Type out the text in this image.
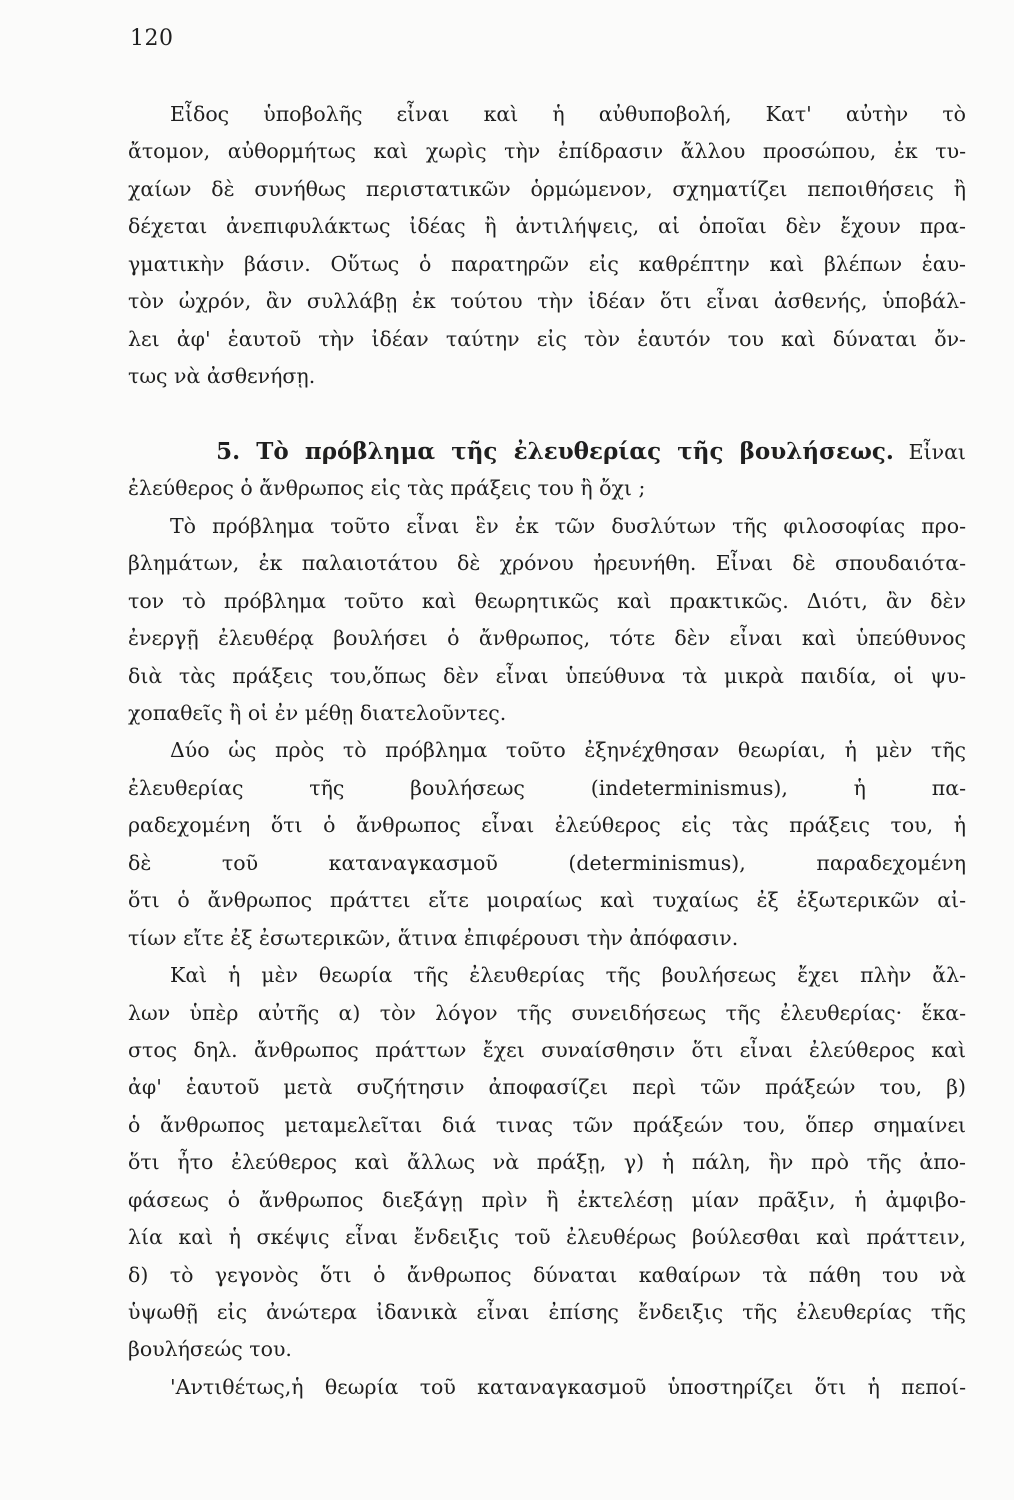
120
Εἶδος ὑποβολῆς εἶναι καὶ ἡ αὐθυποβολή, Κατ' αὐτὴν τὸ
ἄτομον, αὐθορμήτως καὶ χωρὶς τὴν ἐπίδρασιν ἄλλου προσώπου, ἐκ τυ-
χαίων δὲ συνήθως περιστατικῶν ὁρμώμενον, σχηματίζει πεποιθήσεις ἢ
δέχεται ἀνεπιφυλάκτως ἰδέας ἢ ἀντιλήψεις, αἱ ὁποῖαι δὲν ἔχουν πρα-
γματικὴν βάσιν. Οὕτως ὁ παρατηρῶν εἰς καθρέπτην καὶ βλέπων ἑαυ-
τὸν ὠχρόν, ἂν συλλάβῃ ἐκ τούτου τὴν ἰδέαν ὅτι εἶναι ἀσθενής, ὑποβάλ-
λει ἀφ' ἑαυτοῦ τὴν ἰδέαν ταύτην εἰς τὸν ἑαυτόν του καὶ δύναται ὄν-
τως νὰ ἀσθενήσῃ.
5. Τὸ πρόβλημα τῆς ἐλευθερίας τῆς βουλήσεως. Εἶναι
ἐλεύθερος ὁ ἄνθρωπος εἰς τὰς πράξεις του ἢ ὄχι ;
Τὸ πρόβλημα τοῦτο εἶναι ἓν ἐκ τῶν δυσλύτων τῆς φιλοσοφίας προ-
βλημάτων, ἐκ παλαιοτάτου δὲ χρόνου ἠρευνήθη. Εἶναι δὲ σπουδαιότα-
τον τὸ πρόβλημα τοῦτο καὶ θεωρητικῶς καὶ πρακτικῶς. Διότι, ἂν δὲν
ἐνεργῇ ἐλευθέρᾳ βουλήσει ὁ ἄνθρωπος, τότε δὲν εἶναι καὶ ὑπεύθυνος
διὰ τὰς πράξεις του,ὅπως δὲν εἶναι ὑπεύθυνα τὰ μικρὰ παιδία, οἱ ψυ-
χοπαθεῖς ἢ οἱ ἐν μέθῃ διατελοῦντες.
Δύο ὡς πρὸς τὸ πρόβλημα τοῦτο ἐξηνέχθησαν θεωρίαι, ἡ μὲν τῆς
ἐλευθερίας τῆς βουλήσεως (indeterminismus), ἡ πα-
ραδεχομένη ὅτι ὁ ἄνθρωπος εἶναι ἐλεύθερος εἰς τὰς πράξεις του, ἡ
δὲ τοῦ καταναγκασμοῦ (determinismus), παραδεχομένη
ὅτι ὁ ἄνθρωπος πράττει εἴτε μοιραίως καὶ τυχαίως ἐξ ἐξωτερικῶν αἰ-
τίων εἴτε ἐξ ἐσωτερικῶν, ἅτινα ἐπιφέρουσι τὴν ἀπόφασιν.
Καὶ ἡ μὲν θεωρία τῆς ἐλευθερίας τῆς βουλήσεως ἔχει πλὴν ἄλ-
λων ὑπὲρ αὐτῆς α) τὸν λόγον τῆς συνειδήσεως τῆς ἐλευθερίας· ἕκα-
στος δηλ. ἄνθρωπος πράττων ἔχει συναίσθησιν ὅτι εἶναι ἐλεύθερος καὶ
ἀφ' ἑαυτοῦ μετὰ συζήτησιν ἀποφασίζει περὶ τῶν πράξεών του, β)
ὁ ἄνθρωπος μεταμελεῖται διά τινας τῶν πράξεών του, ὅπερ σημαίνει
ὅτι ἦτο ἐλεύθερος καὶ ἄλλως νὰ πράξῃ, γ) ἡ πάλη, ἣν πρὸ τῆς ἀπο-
φάσεως ὁ ἄνθρωπος διεξάγῃ πρὶν ἢ ἐκτελέσῃ μίαν πρᾶξιν, ἡ ἀμφιβο-
λία καὶ ἡ σκέψις εἶναι ἔνδειξις τοῦ ἐλευθέρως βούλεσθαι καὶ πράττειν,
δ) τὸ γεγονὸς ὅτι ὁ ἄνθρωπος δύναται καθαίρων τὰ πάθη του νὰ
ὑψωθῇ εἰς ἀνώτερα ἰδανικὰ εἶναι ἐπίσης ἔνδειξις τῆς ἐλευθερίας τῆς
βουλήσεώς του.
'Αντιθέτως,ἡ θεωρία τοῦ καταναγκασμοῦ ὑποστηρίζει ὅτι ἡ πεποί-
